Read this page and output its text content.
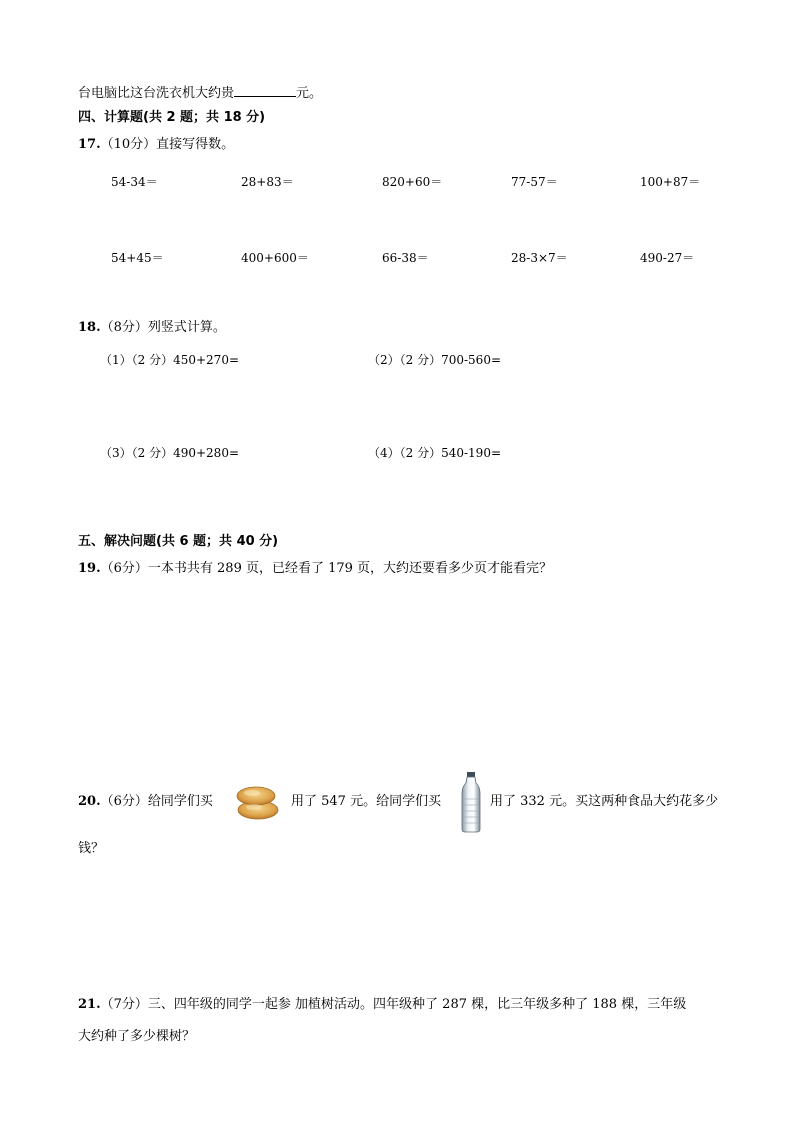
台电脑比这台洗衣机大约贵	元。
四、计算题(共 2 题；共 18 分)
17.（10分）直接写得数。
54-34＝	28+83＝	820+60＝	77-57＝	100+87＝
54+45＝	400+600＝	66-38＝	28-3×7＝	490-27＝
18.（8分）列竖式计算。
（1）（2 分）450+270=	（2）（2 分）700-560=
（3）（2 分）490+280=	（4）（2 分）540-190=
五、解决问题(共 6 题；共 40 分)
19.（6分）一本书共有 289 页，已经看了 179 页，大约还要看多少页才能看完？
20.（6分）给同学们买	用了 547 元。给同学们买	用了 332 元。买这两种食品大约花多少
钱？
21.（7分）三、四年级的同学一起参 加植树活动。四年级种了 287 棵，比三年级多种了 188 棵，三年级
大约种了多少棵树？
